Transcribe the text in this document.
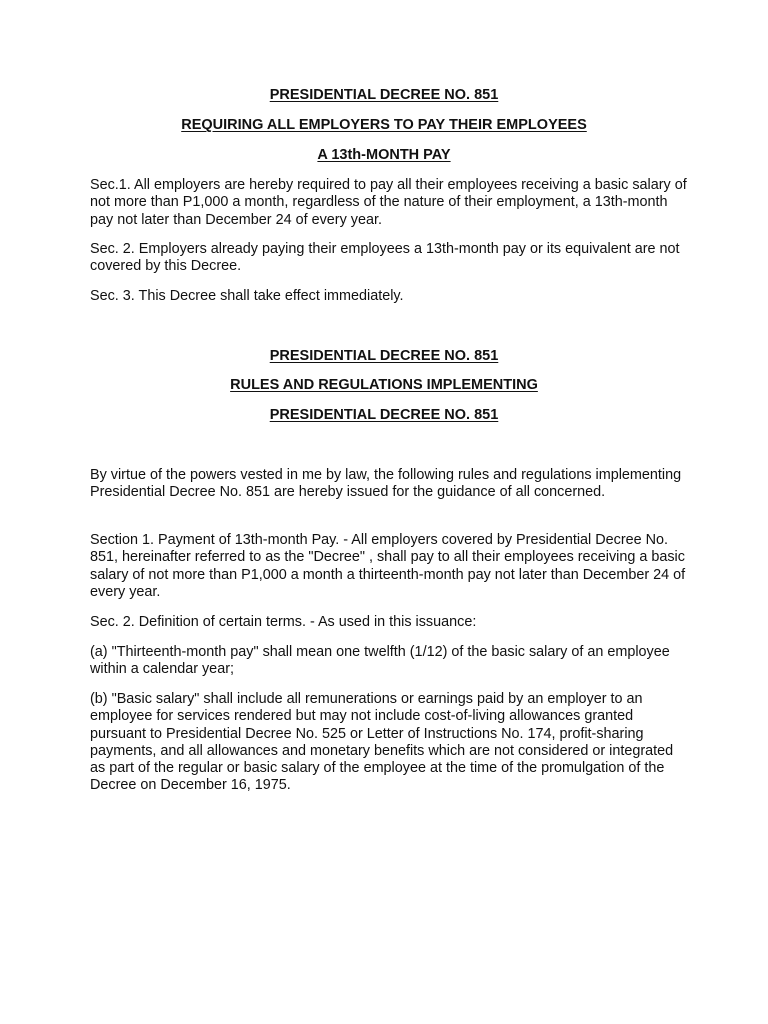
PRESIDENTIAL DECREE NO. 851
REQUIRING ALL EMPLOYERS TO PAY THEIR EMPLOYEES
A 13th-MONTH PAY

Sec.1. All employers are hereby required to pay all their employees receiving a basic salary of not more than P1,000 a month, regardless of the nature of their employment, a 13th-month pay not later than December 24 of every year.

Sec. 2. Employers already paying their employees a 13th-month pay or its equivalent are not covered by this Decree.

Sec. 3. This Decree shall take effect immediately.

PRESIDENTIAL DECREE NO. 851
RULES AND REGULATIONS IMPLEMENTING
PRESIDENTIAL DECREE NO. 851

By virtue of the powers vested in me by law, the following rules and regulations implementing Presidential Decree No. 851 are hereby issued for the guidance of all concerned.

Section 1. Payment of 13th-month Pay. - All employers covered by Presidential Decree No. 851, hereinafter referred to as the "Decree" , shall pay to all their employees receiving a basic salary of not more than P1,000 a month a thirteenth-month pay not later than December 24 of every year.

Sec. 2. Definition of certain terms. - As used in this issuance:

(a) "Thirteenth-month pay" shall mean one twelfth (1/12) of the basic salary of an employee within a calendar year;

(b) "Basic salary" shall include all remunerations or earnings paid by an employer to an employee for services rendered but may not include cost-of-living allowances granted pursuant to Presidential Decree No. 525 or Letter of Instructions No. 174, profit-sharing payments, and all allowances and monetary benefits which are not considered or integrated as part of the regular or basic salary of the employee at the time of the promulgation of the Decree on December 16, 1975.
